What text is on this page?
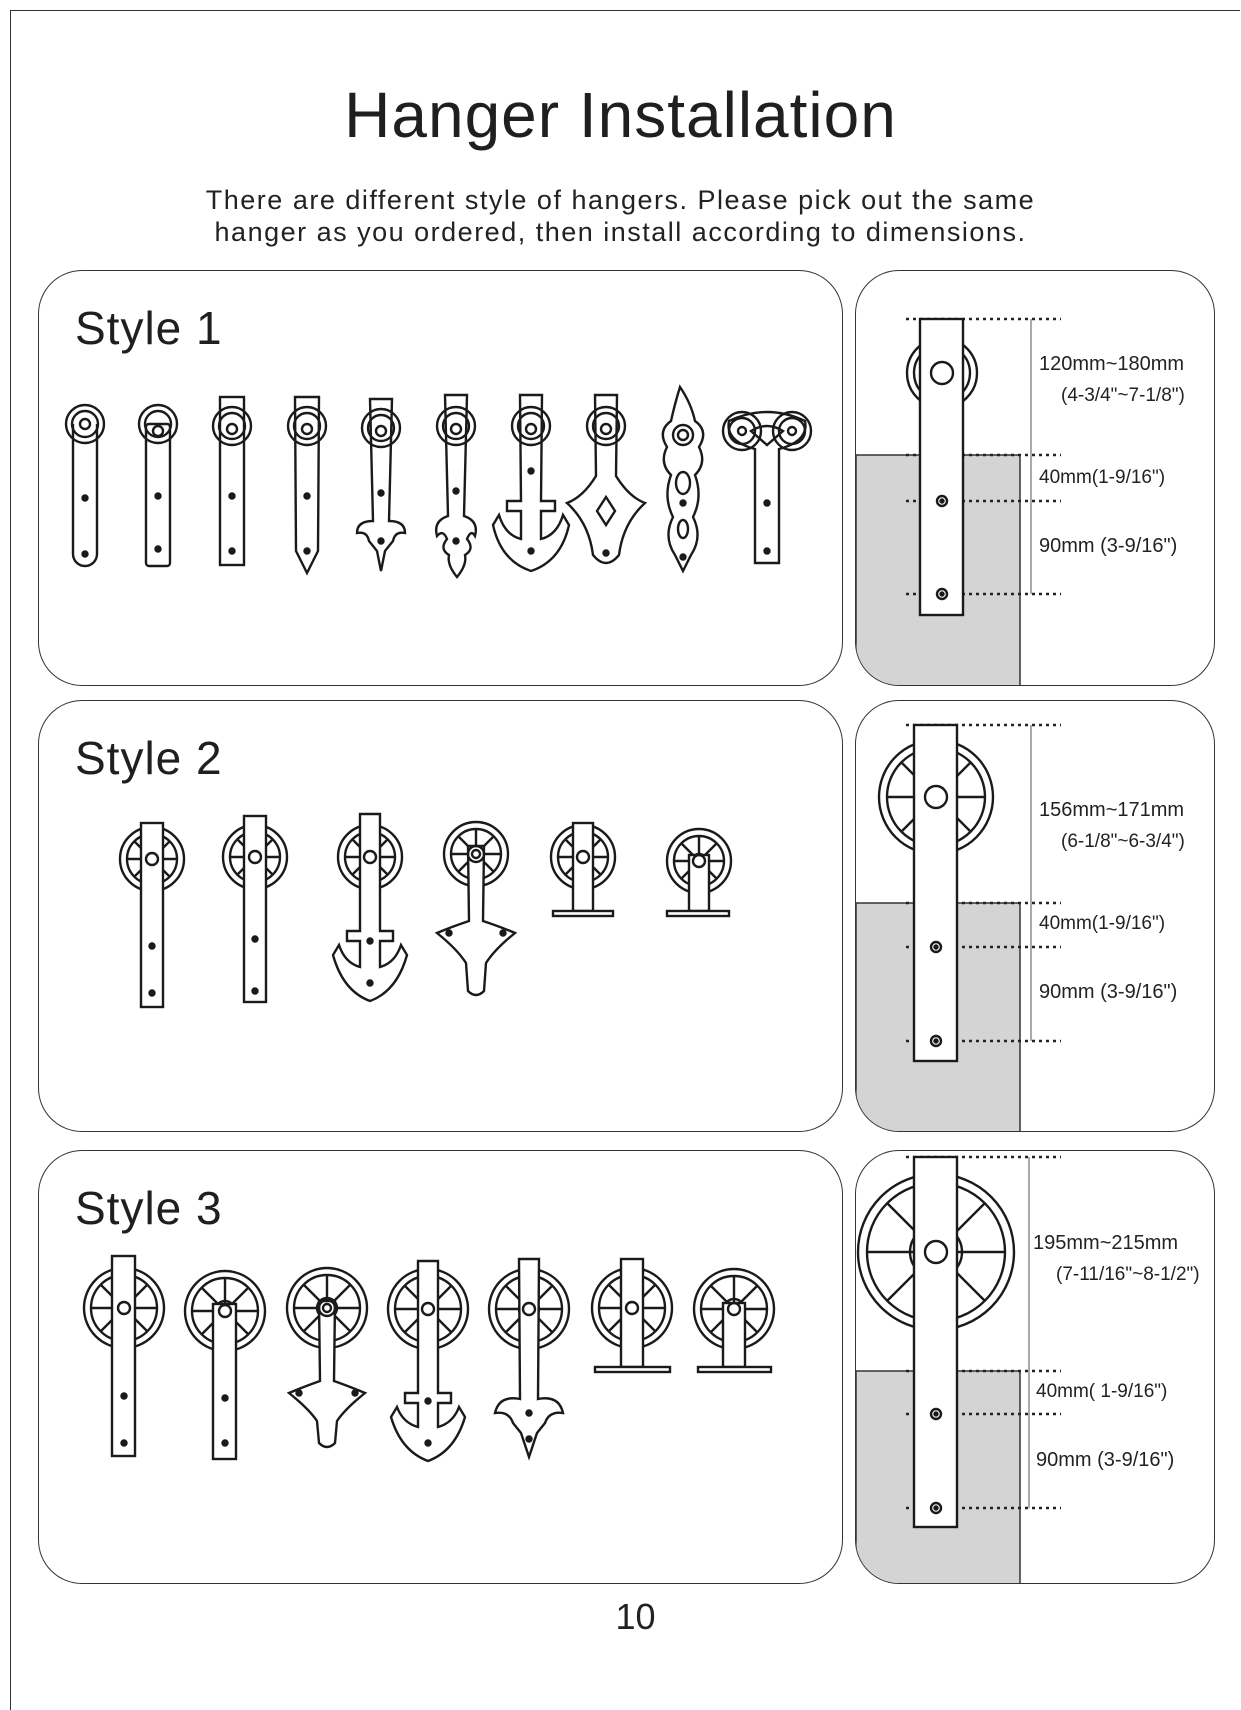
Hanger Installation
There are different style of hangers. Please pick out the same
hanger as you ordered, then install according to dimensions.
Style 1
120mm~180mm
(4-3/4"~7-1/8")
40mm(1-9/16")
90mm (3-9/16")
Style 2
156mm~171mm
(6-1/8"~6-3/4")
40mm(1-9/16")
90mm (3-9/16")
Style 3
195mm~215mm
(7-11/16"~8-1/2")
40mm( 1-9/16")
90mm (3-9/16")
10
